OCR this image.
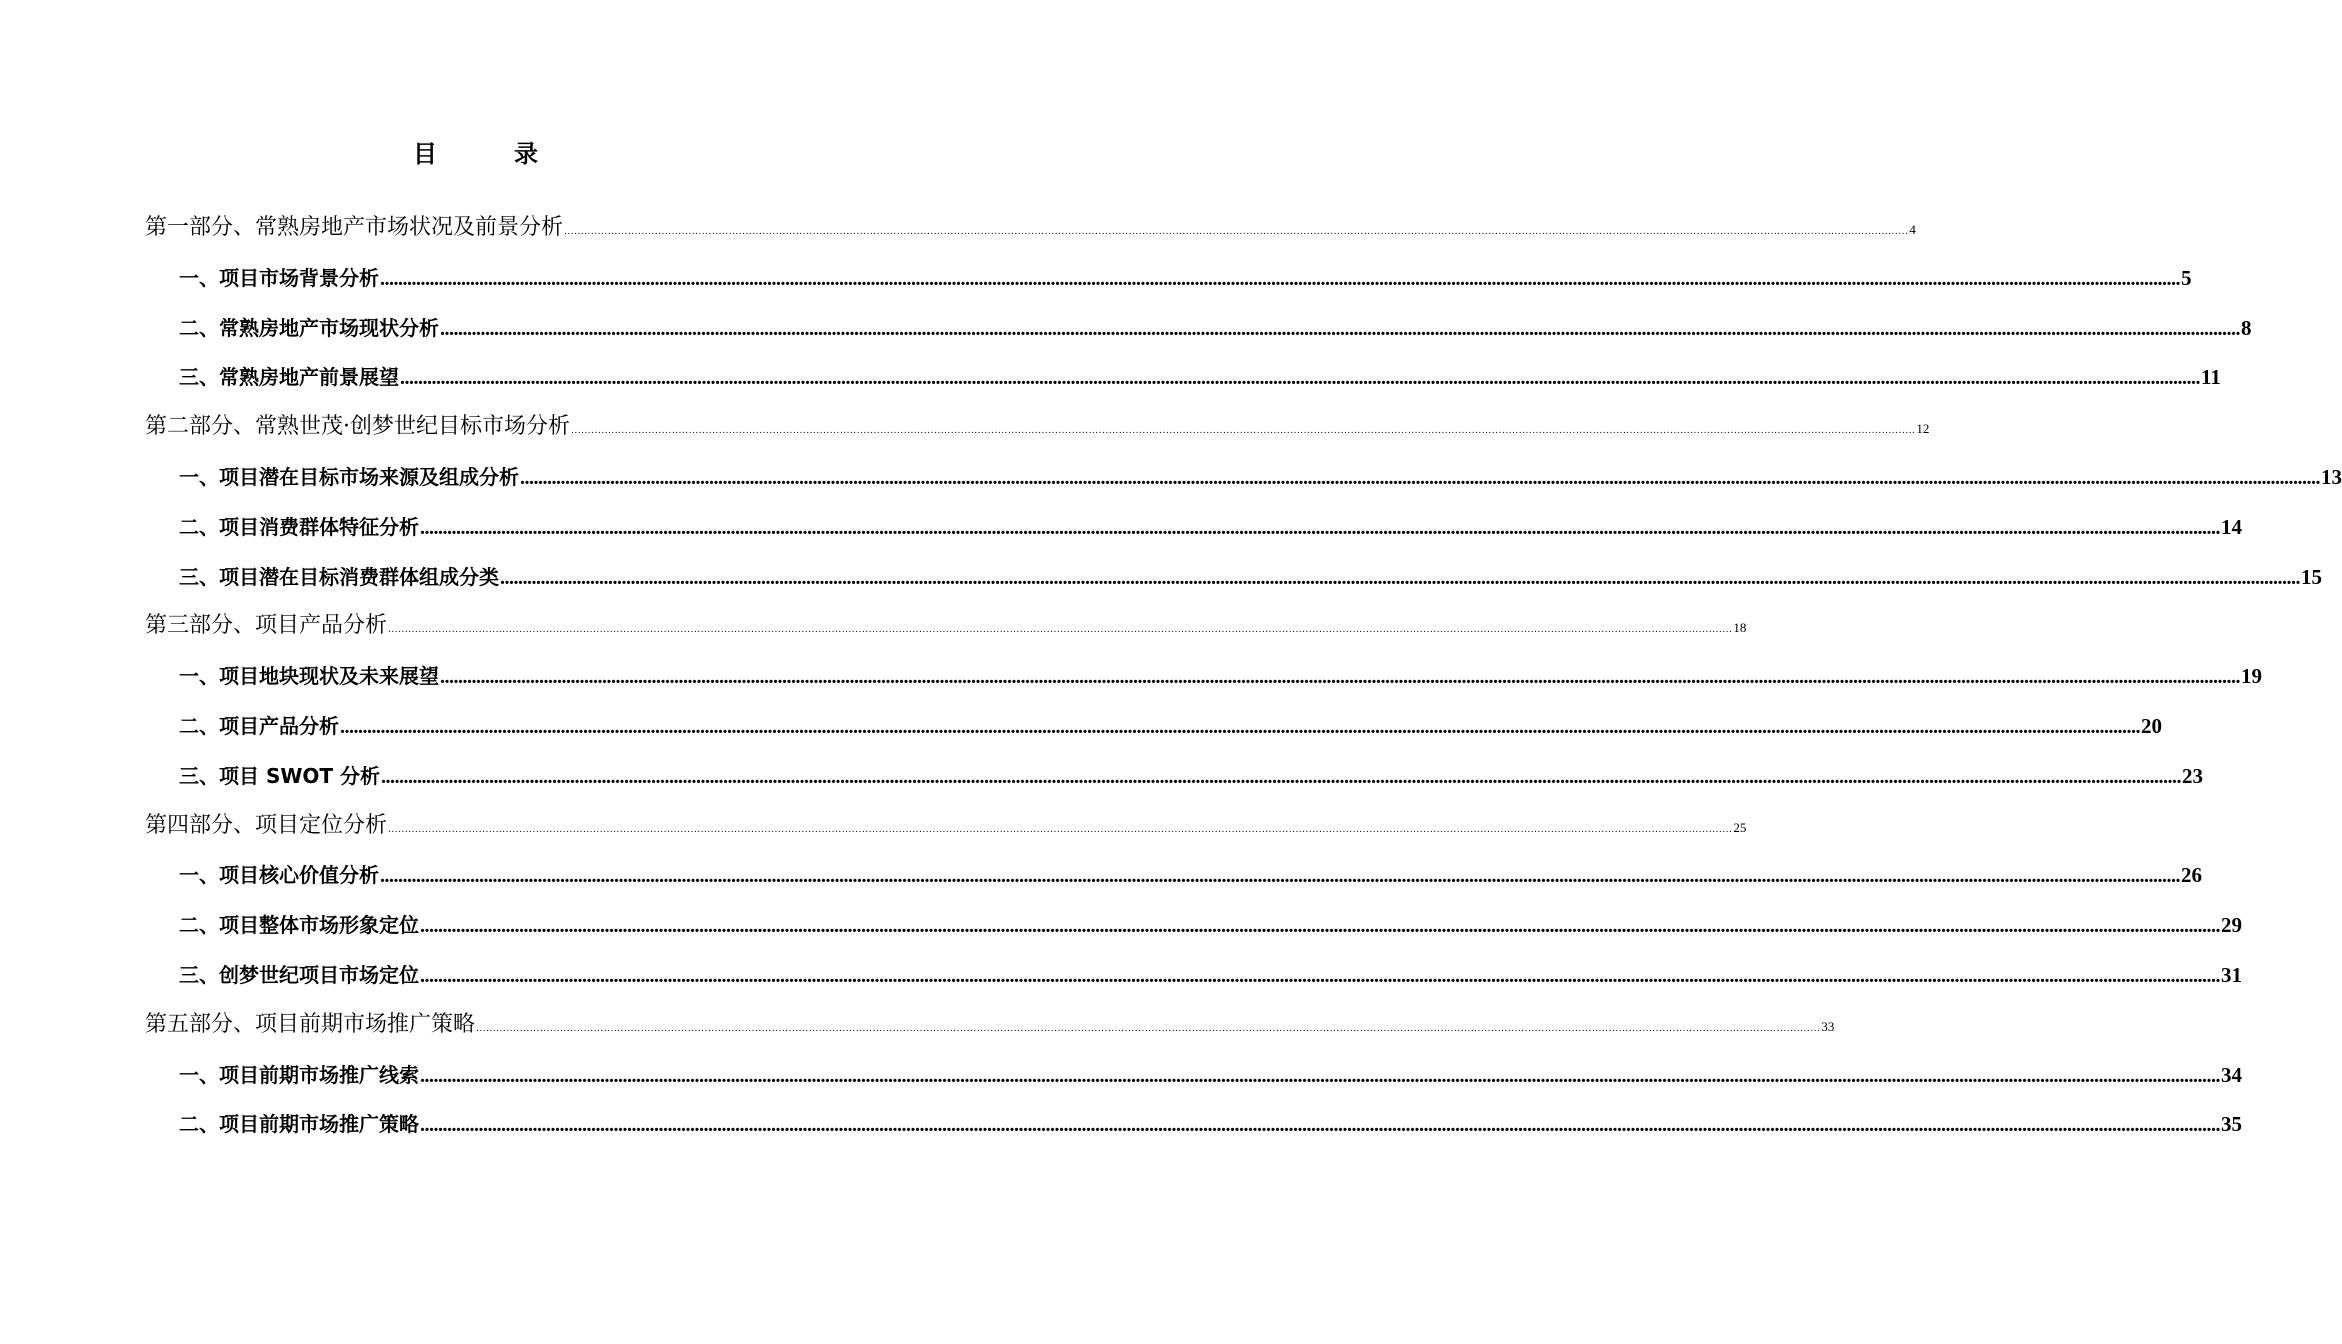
目	录
第一部分、常熟房地产市场状况及前景分析 ................................................................................................................................................................................................................................................................................................................................................................................................................ 4
一、项目市场背景分析 ................................................................................................................................................................................................................................................................................................................................................................................................................ 5
二、常熟房地产市场现状分析 ................................................................................................................................................................................................................................................................................................................................................................................................................ 8
三、常熟房地产前景展望 ................................................................................................................................................................................................................................................................................................................................................................................................................ 11
第二部分、常熟世茂·创梦世纪目标市场分析 ................................................................................................................................................................................................................................................................................................................................................................................................................ 12
一、项目潜在目标市场来源及组成分析 ................................................................................................................................................................................................................................................................................................................................................................................................................ 13
二、项目消费群体特征分析 ................................................................................................................................................................................................................................................................................................................................................................................................................ 14
三、项目潜在目标消费群体组成分类 ................................................................................................................................................................................................................................................................................................................................................................................................................ 15
第三部分、项目产品分析 ................................................................................................................................................................................................................................................................................................................................................................................................................ 18
一、项目地块现状及未来展望 ................................................................................................................................................................................................................................................................................................................................................................................................................ 19
二、项目产品分析 ................................................................................................................................................................................................................................................................................................................................................................................................................ 20
三、项目 SWOT 分析 ................................................................................................................................................................................................................................................................................................................................................................................................................ 23
第四部分、项目定位分析 ................................................................................................................................................................................................................................................................................................................................................................................................................ 25
一、项目核心价值分析 ................................................................................................................................................................................................................................................................................................................................................................................................................ 26
二、项目整体市场形象定位 ................................................................................................................................................................................................................................................................................................................................................................................................................ 29
三、创梦世纪项目市场定位 ................................................................................................................................................................................................................................................................................................................................................................................................................ 31
第五部分、项目前期市场推广策略 ................................................................................................................................................................................................................................................................................................................................................................................................................ 33
一、项目前期市场推广线索 ................................................................................................................................................................................................................................................................................................................................................................................................................ 34
二、项目前期市场推广策略 ................................................................................................................................................................................................................................................................................................................................................................................................................ 35
